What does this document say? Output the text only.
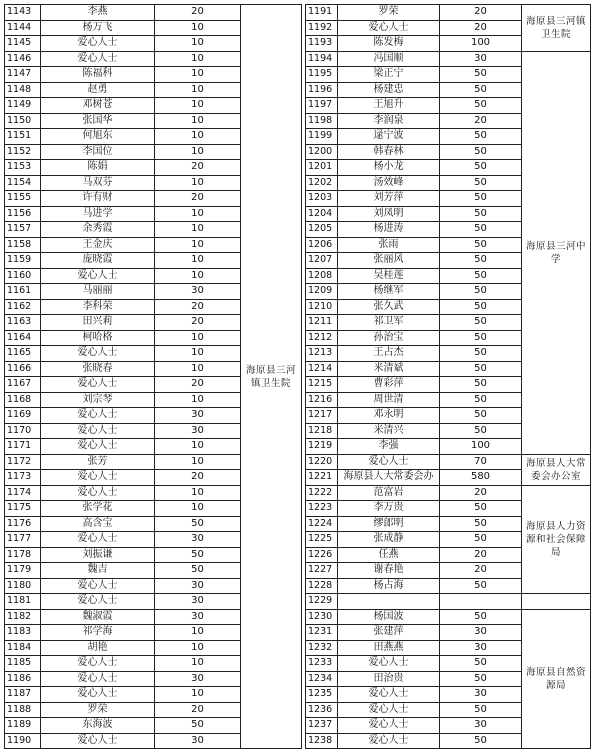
1143	李燕	20	海原县三河镇卫生院
1144	杨万飞	10	
1145	爱心人士	10	
1146	爱心人士	10	
1147	陈福科	10	
1148	赵勇	10	
1149	邓树苍	10	
1150	张国华	10	
1151	何旭东	10	
1152	李国位	10	
1153	陈娟	20	
1154	马双芬	10	
1155	许有财	20	
1156	马进学	10	
1157	余秀霞	10	
1158	王金庆	10	
1159	庞晓霞	10	
1160	爱心人士	10	
1161	马丽丽	30	
1162	李科荣	20	
1163	田兴莉	20	
1164	柯哈格	10	
1165	爱心人士	10	
1166	张晓春	10	
1167	爱心人士	20	
1168	刘宗琴	10	
1169	爱心人士	30	
1170	爱心人士	30	
1171	爱心人士	10	
1172	张芳	10	
1173	爱心人士	20	
1174	爱心人士	10	
1175	张学花	10	
1176	高含宝	50	
1177	爱心人士	30	
1178	刘振谦	50	
1179	魏吉	50	
1180	爱心人士	30	
1181	爱心人士	30	
1182	魏淑霞	30	
1183	祁学海	10	
1184	胡艳	10	
1185	爱心人士	10	
1186	爱心人士	30	
1187	爱心人士	10	
1188	罗荣	20	
1189	东海波	50	
1190	爱心人士	30	
1191	罗荣	20	海原县三河镇卫生院
1192	爱心人士	20	
1193	陈发梅	100	
1194	冯国顺	30	海原县三河中学
1195	梁正宁	50	
1196	杨建忠	50	
1197	王旭升	50	
1198	李润泉	20	
1199	逯宁波	50	
1200	韩春林	50	
1201	杨小龙	50	
1202	汤效峰	50	
1203	刘芳萍	50	
1204	刘凤明	50	
1205	杨进涛	50	
1206	张雨	50	
1207	张丽风	50	
1208	吴桂莲	50	
1209	杨继军	50	
1210	张久武	50	
1211	祁卫军	50	
1212	孙治宝	50	
1213	王占杰	50	
1214	米清斌	50	
1215	曹彩萍	50	
1216	周世清	50	
1217	邓永明	50	
1218	米清兴	50	
1219	李强	100	
1220	爱心人士	70	海原县人大常委会办公室
1221	海原县人大常委会办	580	
1222	范富岩	20	海原县人力资源和社会保障局
1223	李万贵	50	
1224	缪郎明	50	
1225	张成静	50	
1226	任燕	20	
1227	谢春艳	20	
1228	杨占海	50	
1229			
1230	杨国波	50	海原县自然资源局
1231	张建萍	30	
1232	田燕燕	30	
1233	爱心人士	50	
1234	田治贵	50	
1235	爱心人士	30	
1236	爱心人士	50	
1237	爱心人士	30	
1238	爱心人士	50	
